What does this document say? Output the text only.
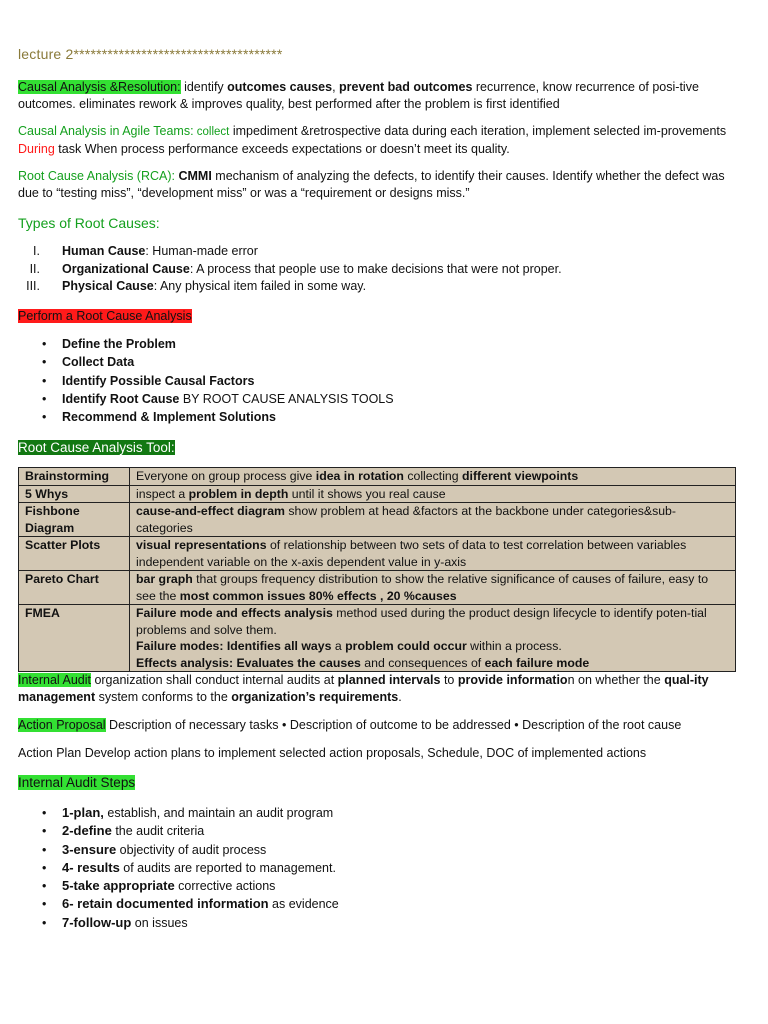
lecture 2*************************************
Causal Analysis &Resolution: identify outcomes causes, prevent bad outcomes recurrence, know recurrence of posi-tive outcomes. eliminates rework & improves quality, best performed after the problem is first identified
Causal Analysis in Agile Teams: collect impediment &retrospective data during each iteration, implement selected im-provements During task When process performance exceeds expectations or doesn’t meet its quality.
Root Cause Analysis (RCA): CMMI mechanism of analyzing the defects, to identify their causes. Identify whether the defect was due to “testing miss”, “development miss” or was a “requirement or designs miss.”
Types of Root Causes:
I. Human Cause: Human-made error
II. Organizational Cause: A process that people use to make decisions that were not proper.
III. Physical Cause: Any physical item failed in some way.
Perform a Root Cause Analysis
• Define the Problem
• Collect Data
• Identify Possible Causal Factors
• Identify Root Cause BY ROOT CAUSE ANALYSIS TOOLS
• Recommend & Implement Solutions
Root Cause Analysis Tool:
Brainstorming	Everyone on group process give idea in rotation collecting different viewpoints

5 Whys	inspect a problem in depth until it shows you real cause

Fishbone Diagram	cause-and-effect diagram show problem at head &factors at the backbone under categories&sub-categories

Scatter Plots	visual representations of relationship between two sets of data to test correlation between variables independent variable on the x-axis dependent value in y-axis

Pareto Chart	bar graph that groups frequency distribution to show the relative significance of causes of failure, easy to see the most common issues 80% effects , 20 %causes

FMEA	Failure mode and effects analysis method used during the product design lifecycle to identify poten-tial problems and solve them.
Failure modes: Identifies all ways a problem could occur within a process.
Effects analysis: Evaluates the causes and consequences of each failure mode
Internal Audit organization shall conduct internal audits at planned intervals to provide information on whether the qual-ity management system conforms to the organization’s requirements.
Action Proposal Description of necessary tasks • Description of outcome to be addressed • Description of the root cause
Action Plan Develop action plans to implement selected action proposals, Schedule, DOC of implemented actions
Internal Audit Steps
• 1-plan, establish, and maintain an audit program
• 2-define the audit criteria
• 3-ensure objectivity of audit process
• 4- results of audits are reported to management.
• 5-take appropriate corrective actions
• 6- retain documented information as evidence
• 7-follow-up on issues
